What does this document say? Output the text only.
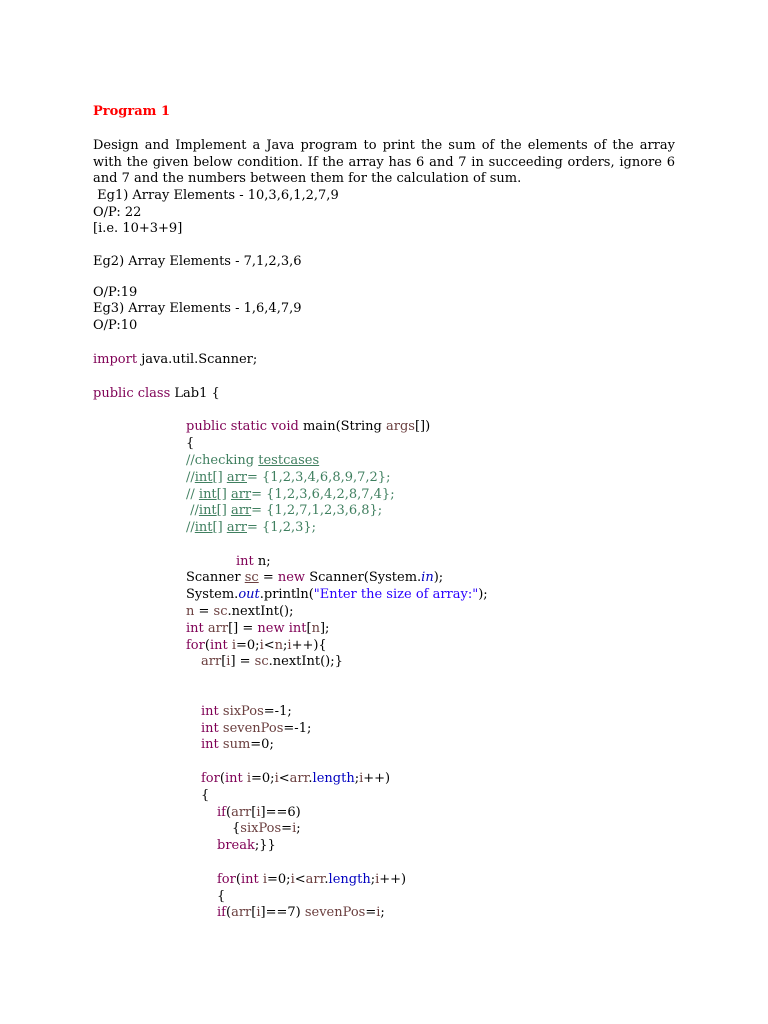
Program 1
Design and Implement a Java program to print the sum of the elements of the array with the given below condition. If the array has 6 and 7 in succeeding orders, ignore 6 and 7 and the numbers between them for the calculation of sum.
Eg1) Array Elements - 10,3,6,1,2,7,9
O/P: 22
[i.e. 10+3+9]
Eg2) Array Elements - 7,1,2,3,6
O/P:19
Eg3) Array Elements - 1,6,4,7,9
O/P:10
import java.util.Scanner;
public class Lab1 {
public static void main(String args[])
{
//checking testcases
//int[] arr= {1,2,3,4,6,8,9,7,2};
// int[] arr= {1,2,3,6,4,2,8,7,4};
//int[] arr= {1,2,7,1,2,3,6,8};
//int[] arr= {1,2,3};
int n;
Scanner sc = new Scanner(System.in);
System.out.println("Enter the size of array:");
n = sc.nextInt();
int arr[] = new int[n];
for(int i=0;i<n;i++){
arr[i] = sc.nextInt();}
int sixPos=-1;
int sevenPos=-1;
int sum=0;
for(int i=0;i<arr.length;i++)
{
if(arr[i]==6)
{sixPos=i;
break;}}
for(int i=0;i<arr.length;i++)
{
if(arr[i]==7) sevenPos=i;
